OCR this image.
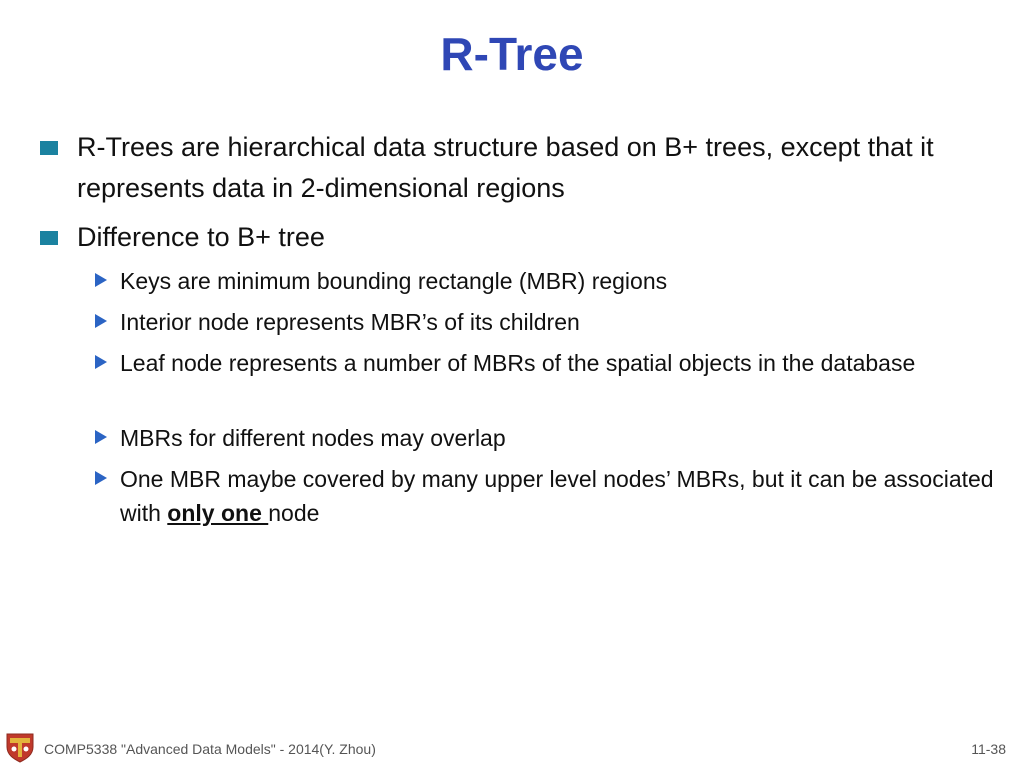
R-Tree
R-Trees are hierarchical data structure based on B+ trees, except that it represents data in 2-dimensional regions
Difference to B+ tree
Keys are minimum bounding rectangle (MBR) regions
Interior node represents MBR’s of its children
Leaf node represents a number of MBRs of the spatial objects in the database
MBRs for different nodes may overlap
One MBR maybe covered by many upper level nodes’ MBRs, but it can be associated with only one node
COMP5338 "Advanced Data Models" - 2014(Y. Zhou)	11-38
